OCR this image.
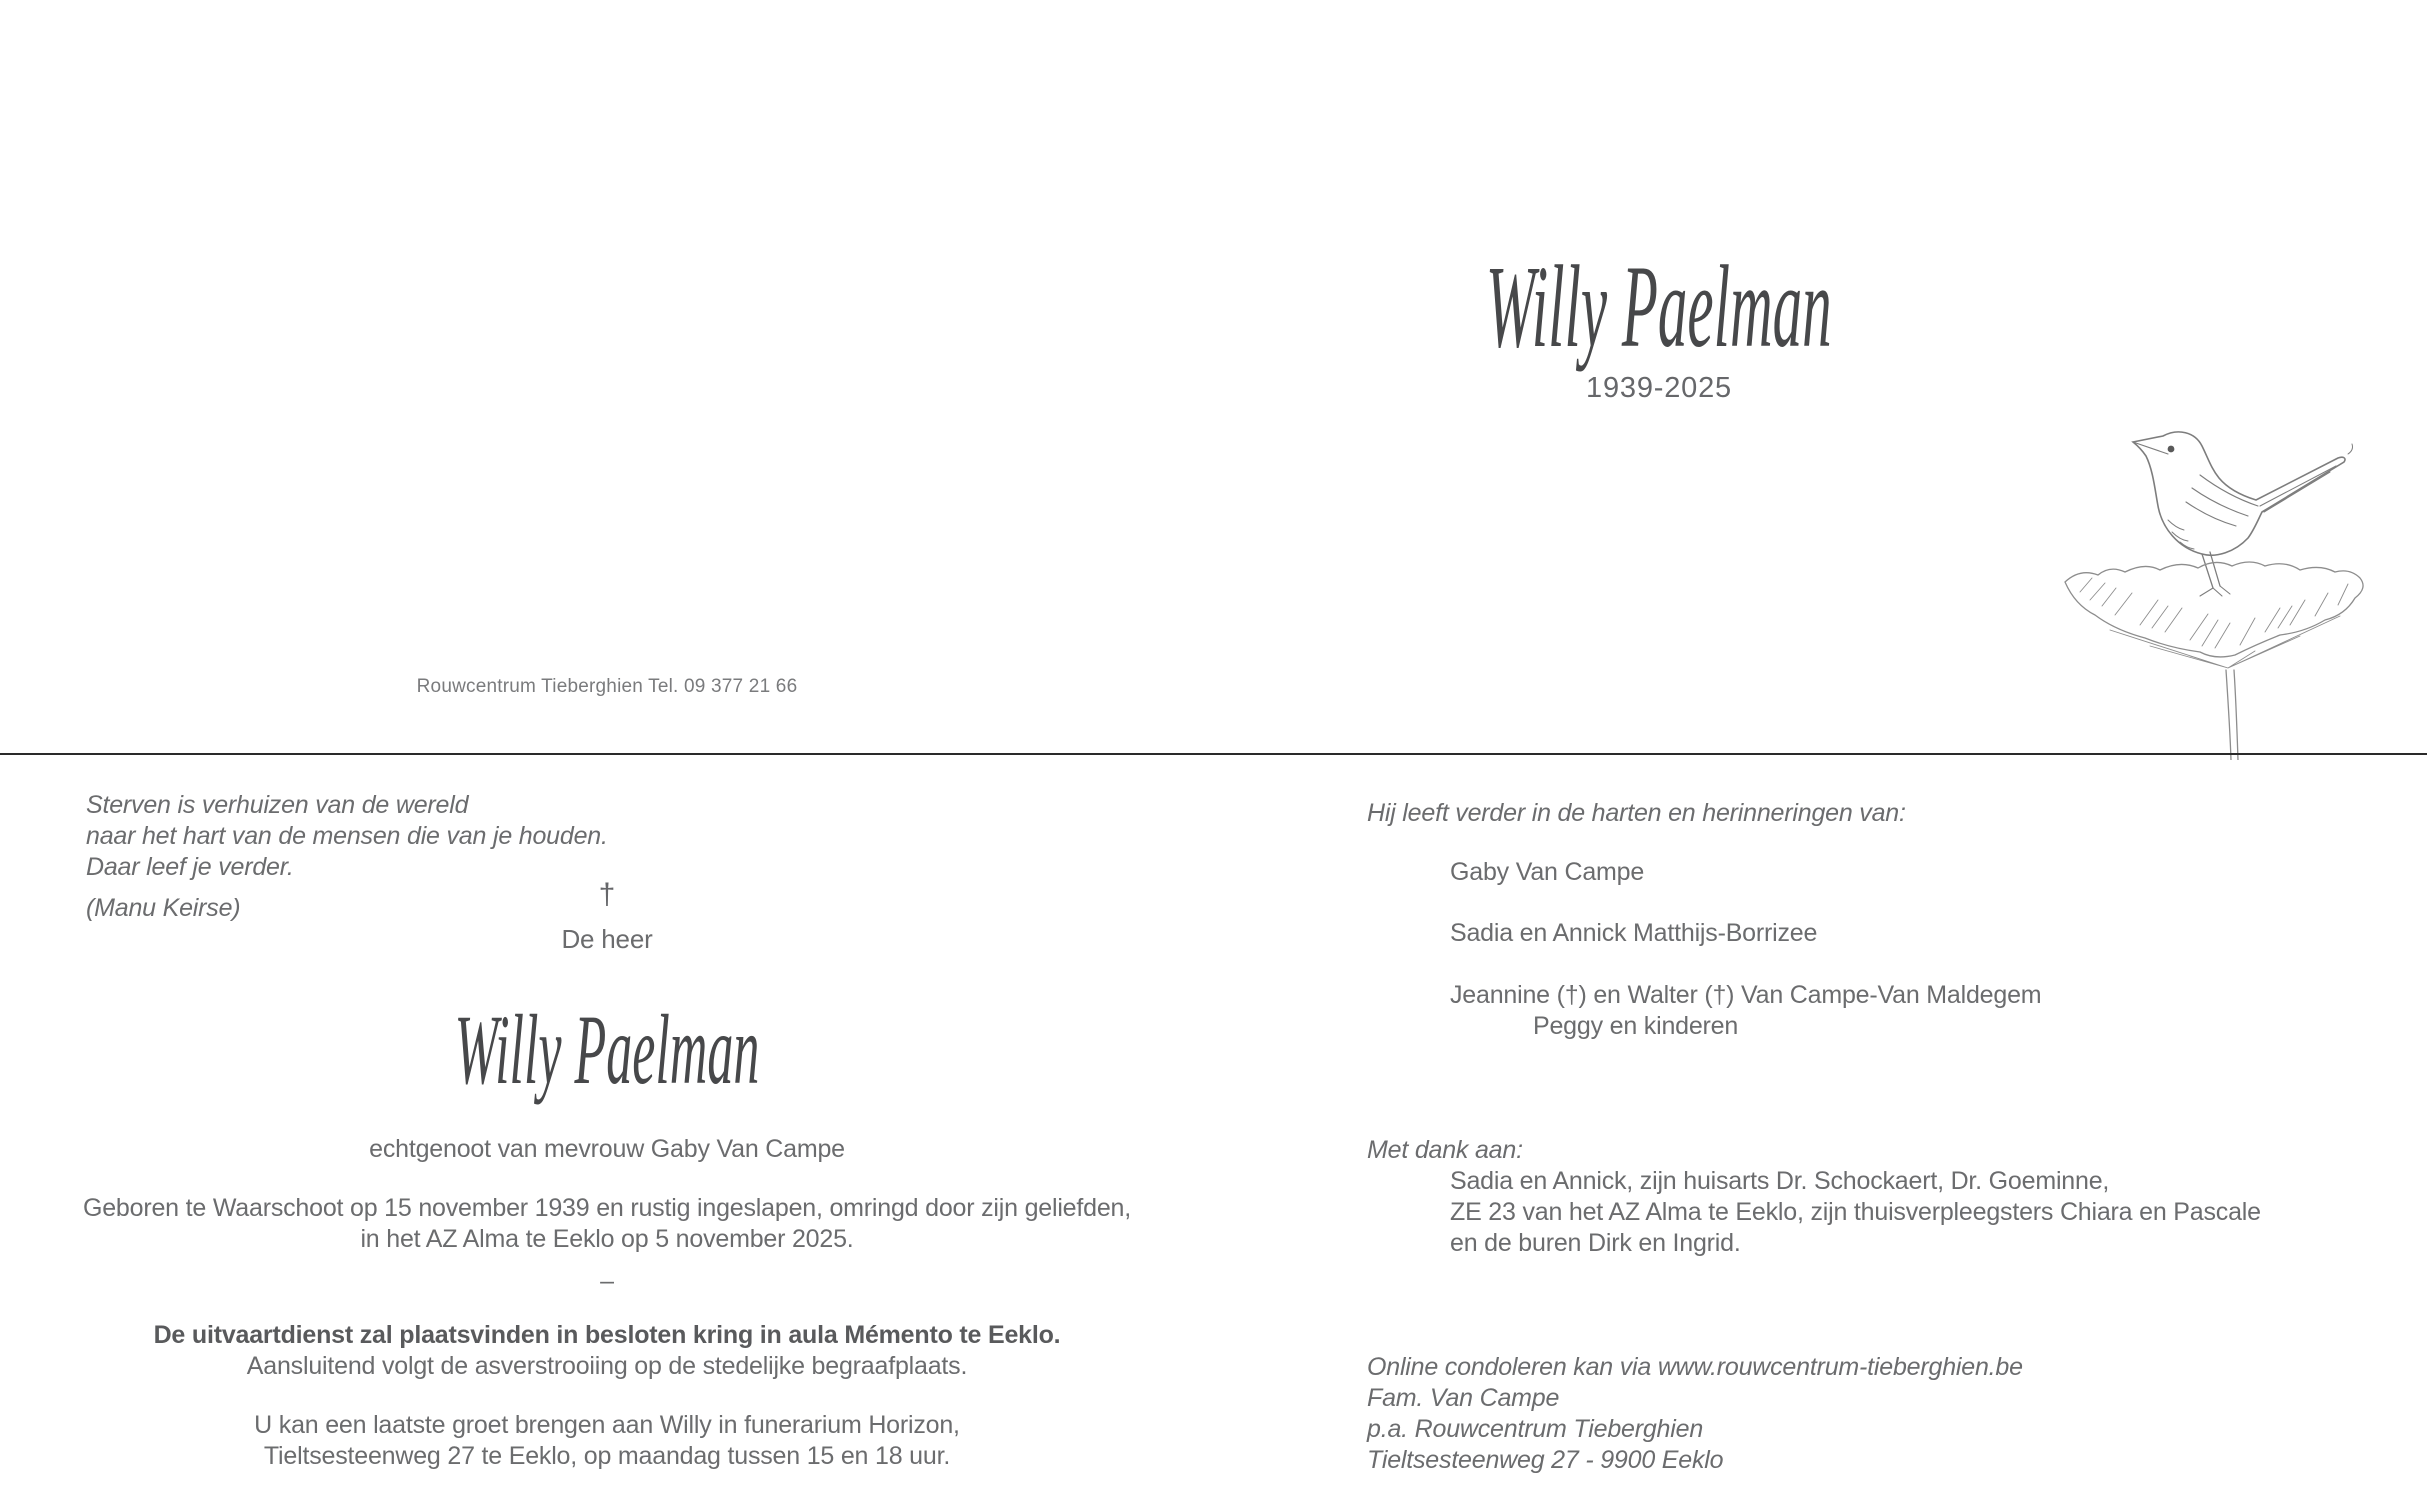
Rouwcentrum Tieberghien Tel. 09 377 21 66
Willy Paelman
1939-2025
Sterven is verhuizen van de wereld
naar het hart van de mensen die van je houden.
Daar leef je verder.
(Manu Keirse)	†
De heer
Willy Paelman
echtgenoot van mevrouw Gaby Van Campe
Geboren te Waarschoot op 15 november 1939 en rustig ingeslapen, omringd door zijn geliefden,
in het AZ Alma te Eeklo op 5 november 2025.
–
De uitvaartdienst zal plaatsvinden in besloten kring in aula Mémento te Eeklo.
Aansluitend volgt de asverstrooiing op de stedelijke begraafplaats.
U kan een laatste groet brengen aan Willy in funerarium Horizon,
Tieltsesteenweg 27 te Eeklo, op maandag tussen 15 en 18 uur.
Hij leeft verder in de harten en herinneringen van:
Gaby Van Campe
Sadia en Annick Matthijs-Borrizee
Jeannine (†) en Walter (†) Van Campe-Van Maldegem
Peggy en kinderen
Met dank aan:
Sadia en Annick, zijn huisarts Dr. Schockaert, Dr. Goeminne,
ZE 23 van het AZ Alma te Eeklo, zijn thuisverpleegsters Chiara en Pascale
en de buren Dirk en Ingrid.
Online condoleren kan via www.rouwcentrum-tieberghien.be
Fam. Van Campe
p.a. Rouwcentrum Tieberghien
Tieltsesteenweg 27 - 9900 Eeklo
